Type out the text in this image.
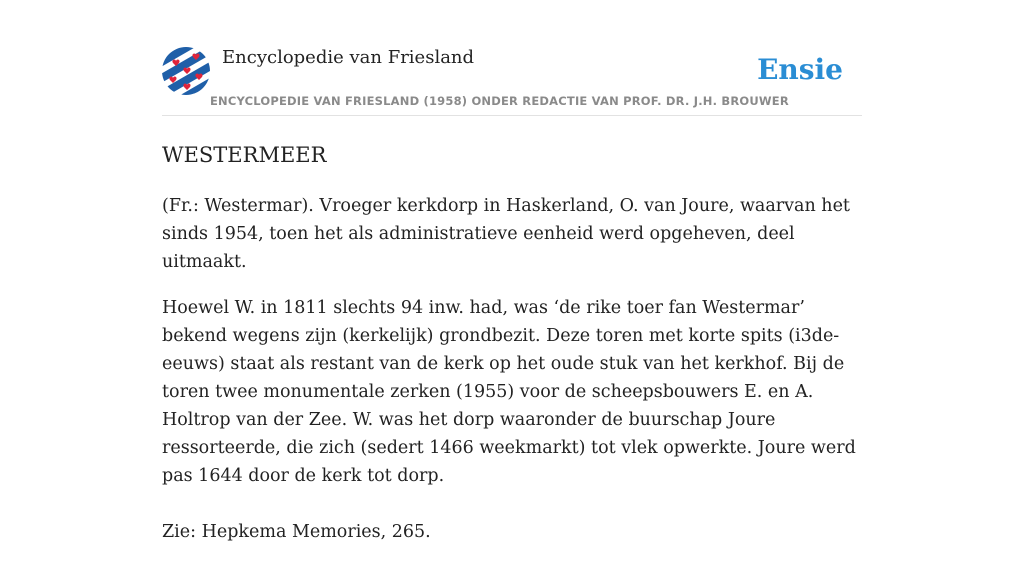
Encyclopedie van Friesland	Ensie
ENCYCLOPEDIE VAN FRIESLAND (1958) ONDER REDACTIE VAN PROF. DR. J.H. BROUWER
WESTERMEER

(Fr.: Westermar). Vroeger kerkdorp in Haskerland, O. van Joure, waarvan het sinds 1954, toen het als administratieve eenheid werd opgeheven, deel uitmaakt.

Hoewel W. in 1811 slechts 94 inw. had, was ‘de rike toer fan Westermar’ bekend wegens zijn (kerkelijk) grondbezit. Deze toren met korte spits (i3de-eeuws) staat als restant van de kerk op het oude stuk van het kerkhof. Bij de toren twee monumentale zerken (1955) voor de scheepsbouwers E. en A. Holtrop van der Zee. W. was het dorp waaronder de buurschap Joure ressorteerde, die zich (sedert 1466 weekmarkt) tot vlek opwerkte. Joure werd pas 1644 door de kerk tot dorp.

Zie: Hepkema Memories, 265.
